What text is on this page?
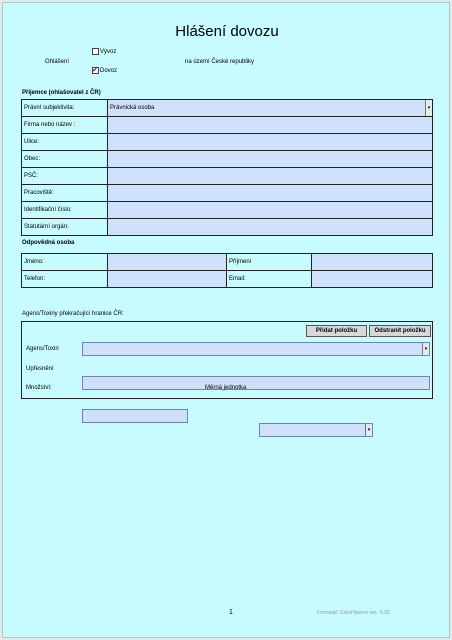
Hlášení dovozu
Ohlášení
Vývoz
✓
Dovoz
na území České republiky
Příjemce (ohlašovatel z ČR)
Právní subjektivita:	Právnická osoba ▾

Firma nebo název :	
Ulice:	
Obec:	
PSČ:	
Pracoviště:	
Identifikační číslo:	
Statutární orgán:	
Odpovědná osoba
Jméno:		Příjmení	
Telefon:		Email:	
Agens/Toxiny překračující hranice ČR:
Přidat položku	Odstranit položku
Agens/Toxin	▾
Upřesnění
Množství:	Měrná jednotka
▾
1	Formulář: CelniHlaseni ver.: 5.00
